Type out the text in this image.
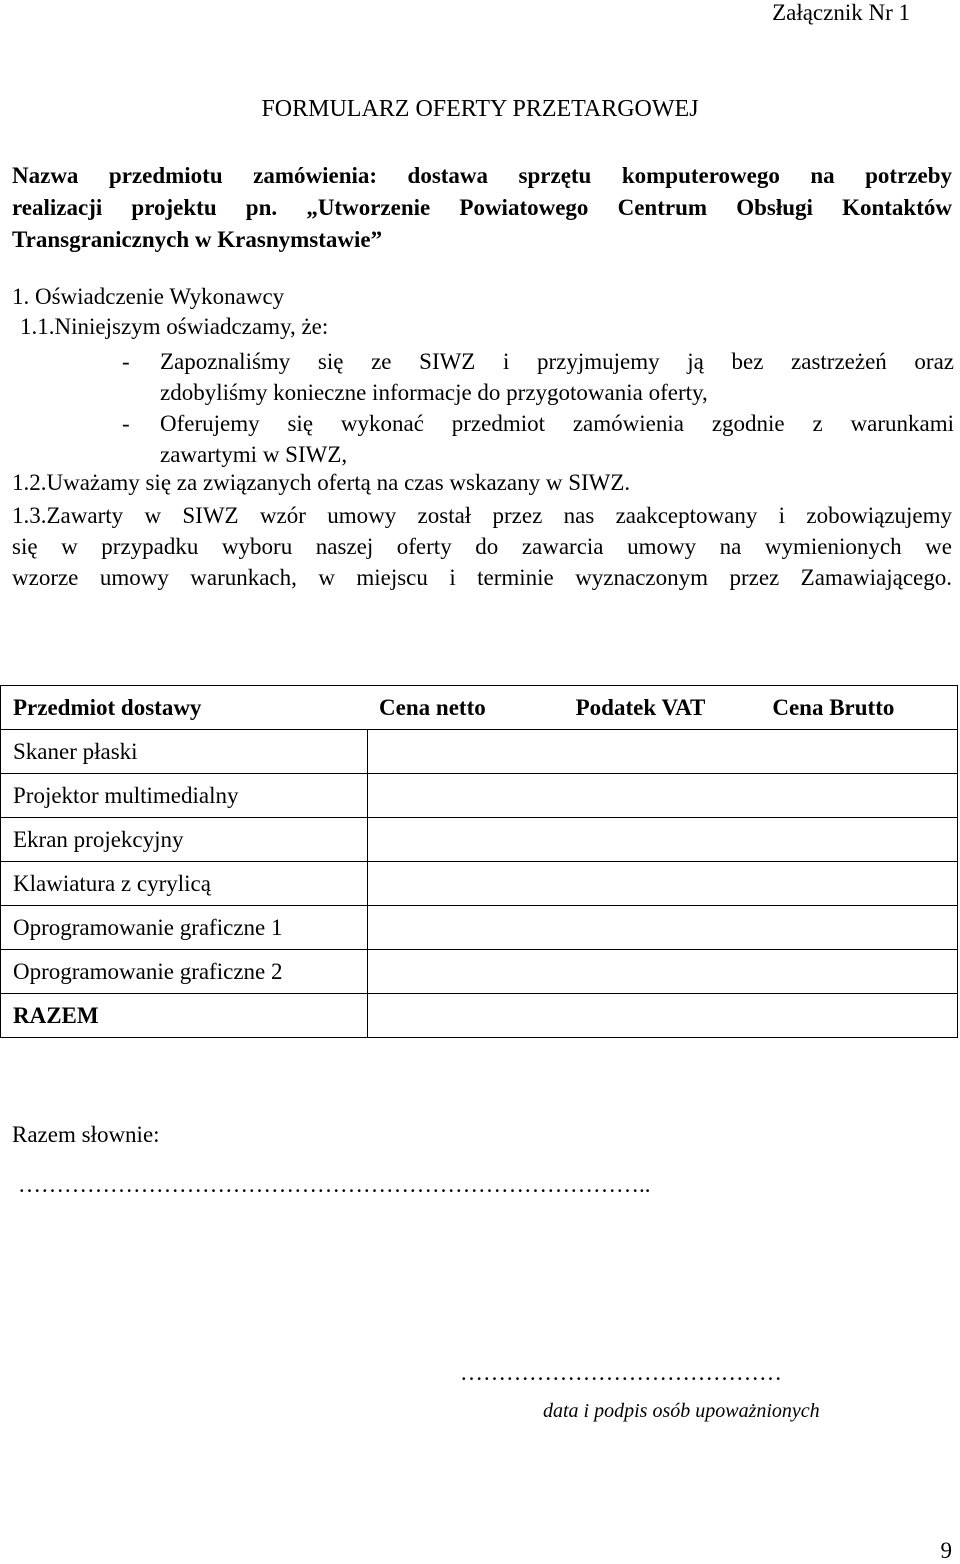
Załącznik Nr 1
FORMULARZ OFERTY PRZETARGOWEJ
Nazwa przedmiotu zamówienia: dostawa sprzętu komputerowego na potrzeby
realizacji projektu pn. „Utworzenie Powiatowego Centrum Obsługi Kontaktów
Transgranicznych w Krasnymstawie”
1. Oświadczenie Wykonawcy
1.1.Niniejszym oświadczamy, że:
- Zapoznaliśmy się ze SIWZ i przyjmujemy ją bez zastrzeżeń oraz
zdobyliśmy konieczne informacje do przygotowania oferty,
- Oferujemy się wykonać przedmiot zamówienia zgodnie z warunkami
zawartymi w SIWZ,
1.2.Uważamy się za związanych ofertą na czas wskazany w SIWZ.
1.3.Zawarty w SIWZ wzór umowy został przez nas zaakceptowany i zobowiązujemy
się w przypadku wyboru naszej oferty do zawarcia umowy na wymienionych we
wzorze umowy warunkach, w miejscu i terminie wyznaczonym przez Zamawiającego.
Przedmiot dostawy	Cena netto	Podatek VAT	Cena Brutto
Skaner płaski			
Projektor multimedialny			
Ekran projekcyjny			
Klawiatura z cyrylicą			
Oprogramowanie graficzne 1			
Oprogramowanie graficzne 2			
RAZEM			
Razem słownie:
………………………………………………………………………..
……………………………………
data i podpis osób upoważnionych
9
